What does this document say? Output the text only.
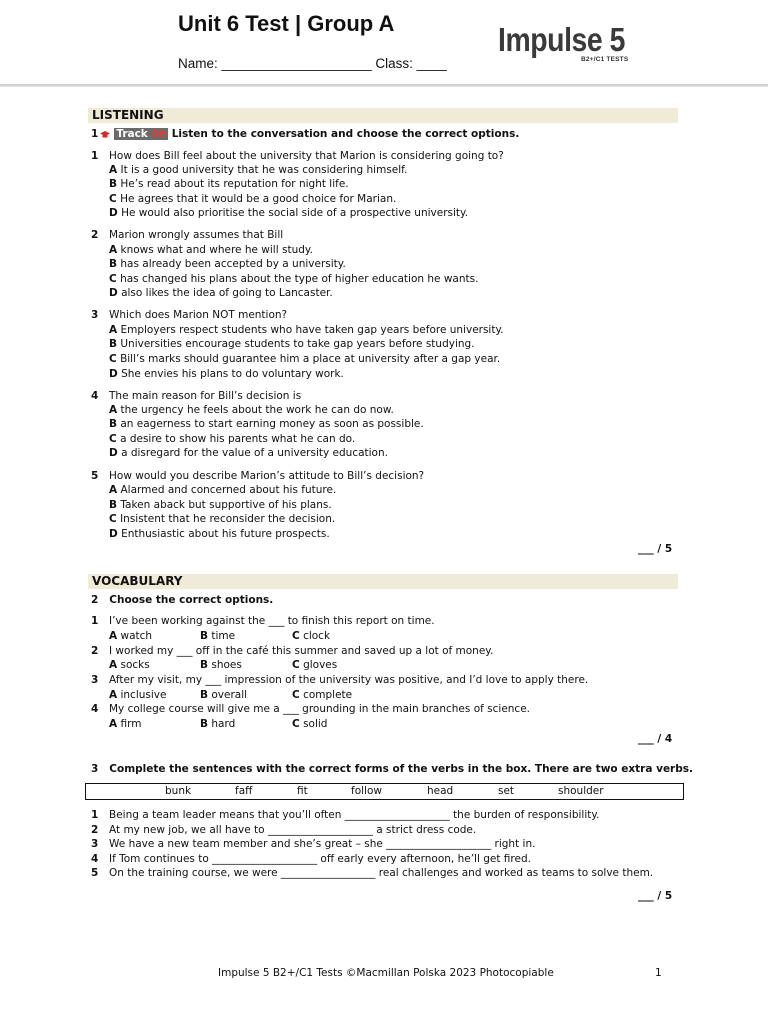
Unit 6 Test | Group A
Name: ____________________ Class: ____
Impulse 5
B2+/C1 TESTS
LISTENING
1 Track 06 Listen to the conversation and choose the correct options.
1 How does Bill feel about the university that Marion is considering going to?
A It is a good university that he was considering himself.
B He’s read about its reputation for night life.
C He agrees that it would be a good choice for Marian.
D He would also prioritise the social side of a prospective university.
2 Marion wrongly assumes that Bill
A knows what and where he will study.
B has already been accepted by a university.
C has changed his plans about the type of higher education he wants.
D also likes the idea of going to Lancaster.
3 Which does Marion NOT mention?
A Employers respect students who have taken gap years before university.
B Universities encourage students to take gap years before studying.
C Bill’s marks should guarantee him a place at university after a gap year.
D She envies his plans to do voluntary work.
4 The main reason for Bill’s decision is
A the urgency he feels about the work he can do now.
B an eagerness to start earning money as soon as possible.
C a desire to show his parents what he can do.
D a disregard for the value of a university education.
5 How would you describe Marion’s attitude to Bill’s decision?
A Alarmed and concerned about his future.
B Taken aback but supportive of his plans.
C Insistent that he reconsider the decision.
D Enthusiastic about his future prospects.
___ / 5
VOCABULARY
2 Choose the correct options.
1 I’ve been working against the ___ to finish this report on time.
A watch	B time	C clock
2 I worked my ___ off in the café this summer and saved up a lot of money.
A socks	B shoes	C gloves
3 After my visit, my ___ impression of the university was positive, and I’d love to apply there.
A inclusive	B overall	C complete
4 My college course will give me a ___ grounding in the main branches of science.
A firm	B hard	C solid
___ / 4
3 Complete the sentences with the correct forms of the verbs in the box. There are two extra verbs.
bunk	faff	fit	follow	head	set	shoulder
1 Being a team leader means that you’ll often ____________________ the burden of responsibility.
2 At my new job, we all have to ____________________ a strict dress code.
3 We have a new team member and she’s great – she ____________________ right in.
4 If Tom continues to ____________________ off early every afternoon, he’ll get fired.
5 On the training course, we were __________________ real challenges and worked as teams to solve them.
___ / 5
Impulse 5 B2+/C1 Tests ©Macmillan Polska 2023 Photocopiable	1
